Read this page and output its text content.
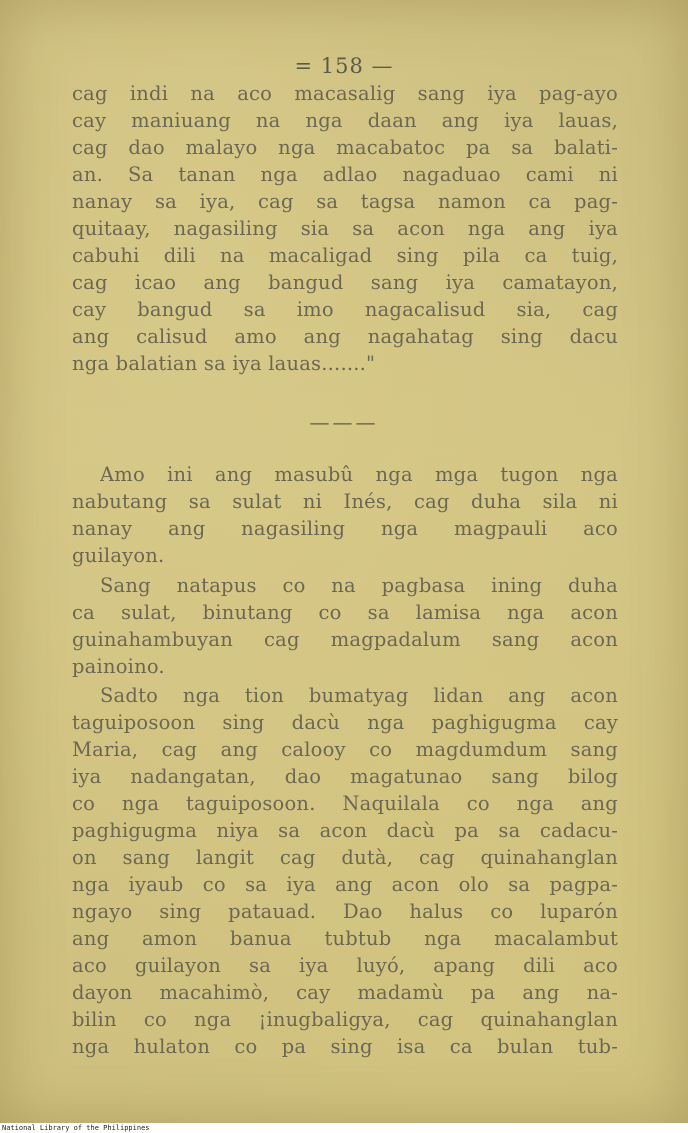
= 158 —
cag indi na aco macasalig sang iya pag-ayo
cay maniuang na nga daan ang iya lauas,
cag dao malayo nga macabatoc pa sa balati-
an. Sa tanan nga adlao nagaduao cami ni
nanay sa iya, cag sa tagsa namon ca pag-
quitaay, nagasiling sia sa acon nga ang iya
cabuhi dili na macaligad sing pila ca tuig,
cag icao ang bangud sang iya camatayon,
cay bangud sa imo nagacalisud sia, cag
ang calisud amo ang nagahatag sing dacu
nga balatian sa iya lauas......."
———
Amo ini ang masubû nga mga tugon nga
nabutang sa sulat ni Inés, cag duha sila ni
nanay ang nagasiling nga magpauli aco
guilayon.
Sang natapus co na pagbasa ining duha
ca sulat, binutang co sa lamisa nga acon
guinahambuyan cag magpadalum sang acon
painoino.
Sadto nga tion bumatyag lidan ang acon
taguiposoon sing dacù nga paghigugma cay
Maria, cag ang calooy co magdumdum sang
iya nadangatan, dao magatunao sang bilog
co nga taguiposoon. Naquilala co nga ang
paghigugma niya sa acon dacù pa sa cadacu-
on sang langit cag dutà, cag quinahanglan
nga iyaub co sa iya ang acon olo sa pagpa-
ngayo sing patauad. Dao halus co luparón
ang amon banua tubtub nga macalambut
aco guilayon sa iya luyó, apang dili aco
dayon macahimò, cay madamù pa ang na-
bilin co nga ¡inugbaligya, cag quinahanglan
nga hulaton co pa sing isa ca bulan tub-
National Library of the Philippines
